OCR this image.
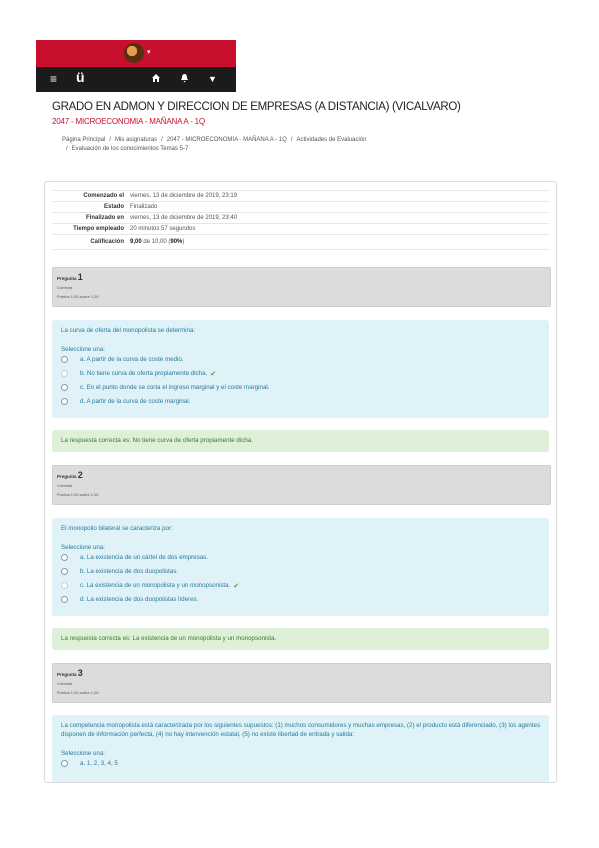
▾
≡ ü	▼
GRADO EN ADMON Y DIRECCION DE EMPRESAS (A DISTANCIA) (VICALVARO)
2047 - MICROECONOMIA - MAÑANA A - 1Q
Página Principal / Mis asignaturas / 2047 - MICROECONOMIA - MAÑANA A - 1Q / Actividades de Evaluación
/ Evaluación de los conocimientos Temas 5-7
Comenzado el	viernes, 13 de diciembre de 2019, 23:19
Estado	Finalizado
Finalizado en	viernes, 13 de diciembre de 2019, 23:40
Tiempo empleado	20 minutos 57 segundos
Calificación	9,00 de 10,00 (90%)
Pregunta 1
Correcta
Puntúa 1,00 sobre 1,00
La curva de oferta del monopolista se determina:
Seleccione una:
a. A partir de la curva de coste medio.
b. No tiene curva de oferta propiamente dicha. ✔
c. En el punto donde se corta el ingreso marginal y el coste marginal.
d. A partir de la curva de coste marginal.
La respuesta correcta es: No tiene curva de oferta propiamente dicha.
Pregunta 2
Correcta
Puntúa 1,00 sobre 1,00
El monopolio bilateral se caracteriza por:
Seleccione una:
a. La existencia de un cártel de dos empresas.
b. La existencia de dos duopolistas.
c. La existencia de un monopolista y un monopsonista. ✔
d. La existencia de dos duopolistas líderes.
La respuesta correcta es: La existencia de un monopolista y un monopsonista.
Pregunta 3
Correcta
Puntúa 1,00 sobre 1,00
La competencia monopolista está caracterizada por los siguientes supuestos: (1) muchos consumidores y muchas empresas, (2) el producto está diferenciado, (3) los agentes disponen de información perfecta, (4) no hay intervención estatal, (5) no existe libertad de entrada y salida:
Seleccione una:
a. 1, 2, 3, 4, 5
